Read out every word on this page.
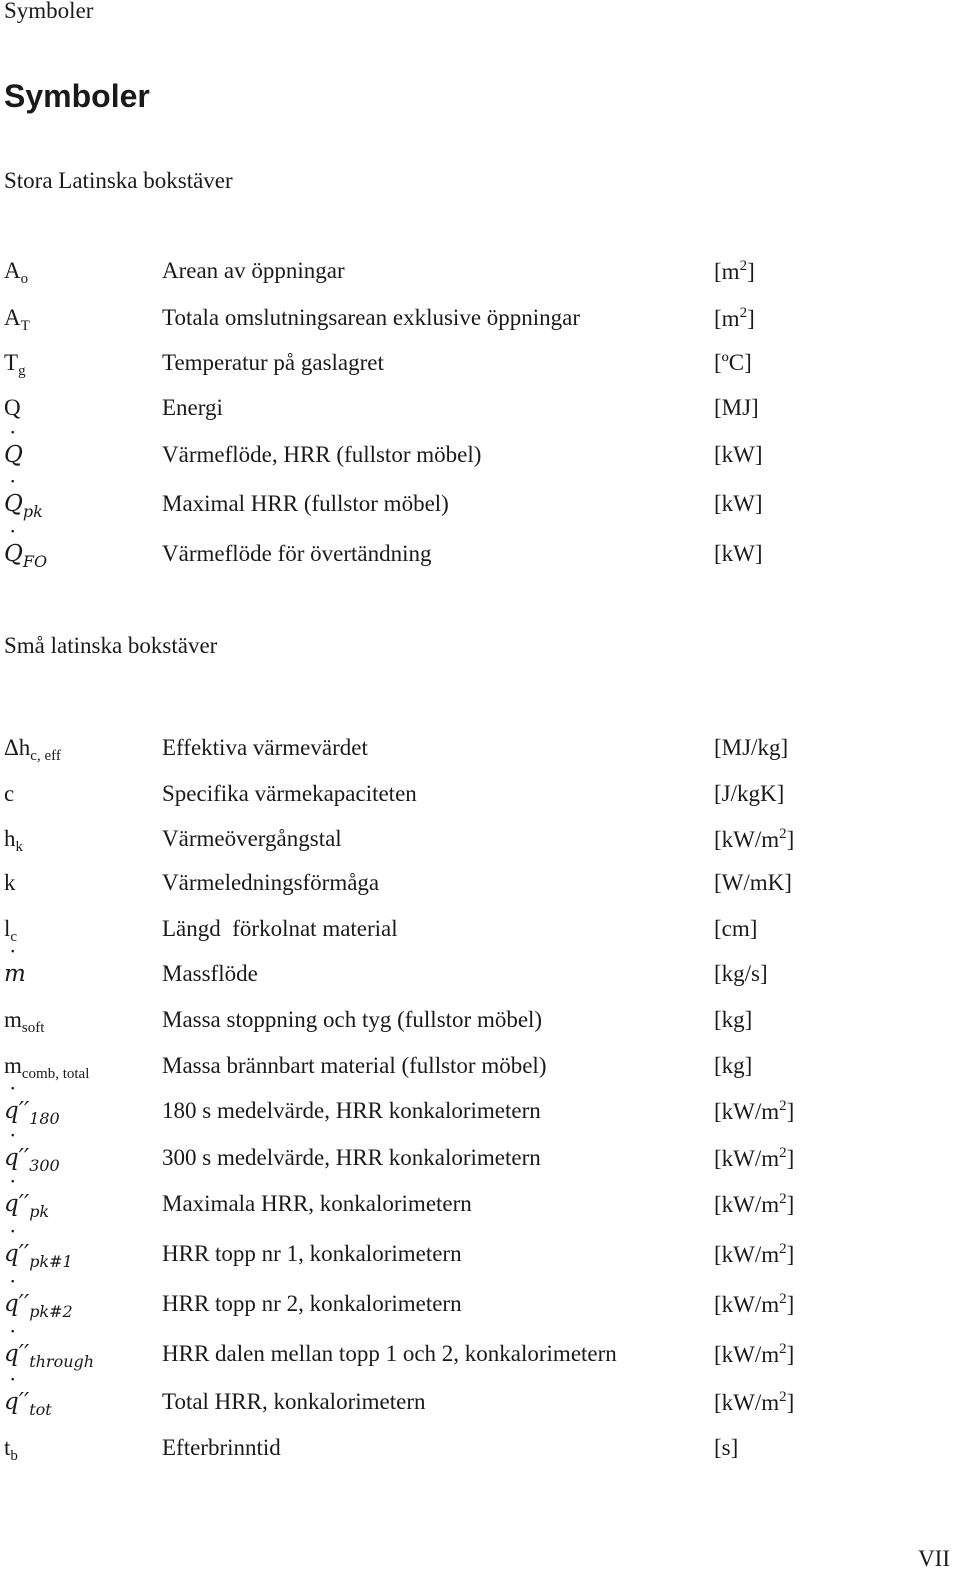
Symboler
Symboler
Stora Latinska bokstäver
$A_o$	Arean av öppningar	$[m^2]$
$A_T$	Totala omslutningsarean exklusive öppningar	$[m^2]$
$T_g$	Temperatur på gaslagret	[ºC]
Q	Energi	[MJ]
˙ Q	Värmeflöde, HRR (fullstor möbel)	[kW]
˙ $Q_{pk}$	Maximal HRR (fullstor möbel)	[kW]
˙ $Q_{FO}$	Värmeflöde för övertändning	[kW]
Små latinska bokstäver
$\Delta h_{c, eff}$	Effektiva värmevärdet	[MJ/kg]
c	Specifika värmekapaciteten	[J/kgK]
$h_k$	Värmeövergångstal	$[kW/m^2]$
k	Värmeledningsförmåga	[W/mK]
$l_c$	Längd  förkolnat material	[cm]
˙ m	Massflöde	[kg/s]
$m_{soft}$	Massa stoppning och tyg (fullstor möbel)	[kg]
$m_{comb, total}$	Massa brännbart material (fullstor möbel)	[kg]
˙ $q''_{180}$	180 s medelvärde, HRR konkalorimetern	$[kW/m^2]$
˙ $q''_{300}$	300 s medelvärde, HRR konkalorimetern	$[kW/m^2]$
˙ $q''_{pk}$	Maximala HRR, konkalorimetern	$[kW/m^2]$
˙ $q''_{pk\#1}$	HRR topp nr 1, konkalorimetern	$[kW/m^2]$
˙ $q''_{pk\#2}$	HRR topp nr 2, konkalorimetern	$[kW/m^2]$
˙ $q''_{through}$	HRR dalen mellan topp 1 och 2, konkalorimetern	$[kW/m^2]$
˙ $q''_{tot}$	Total HRR, konkalorimetern	$[kW/m^2]$
$t_b$	Efterbrinntid	[s]
VII
